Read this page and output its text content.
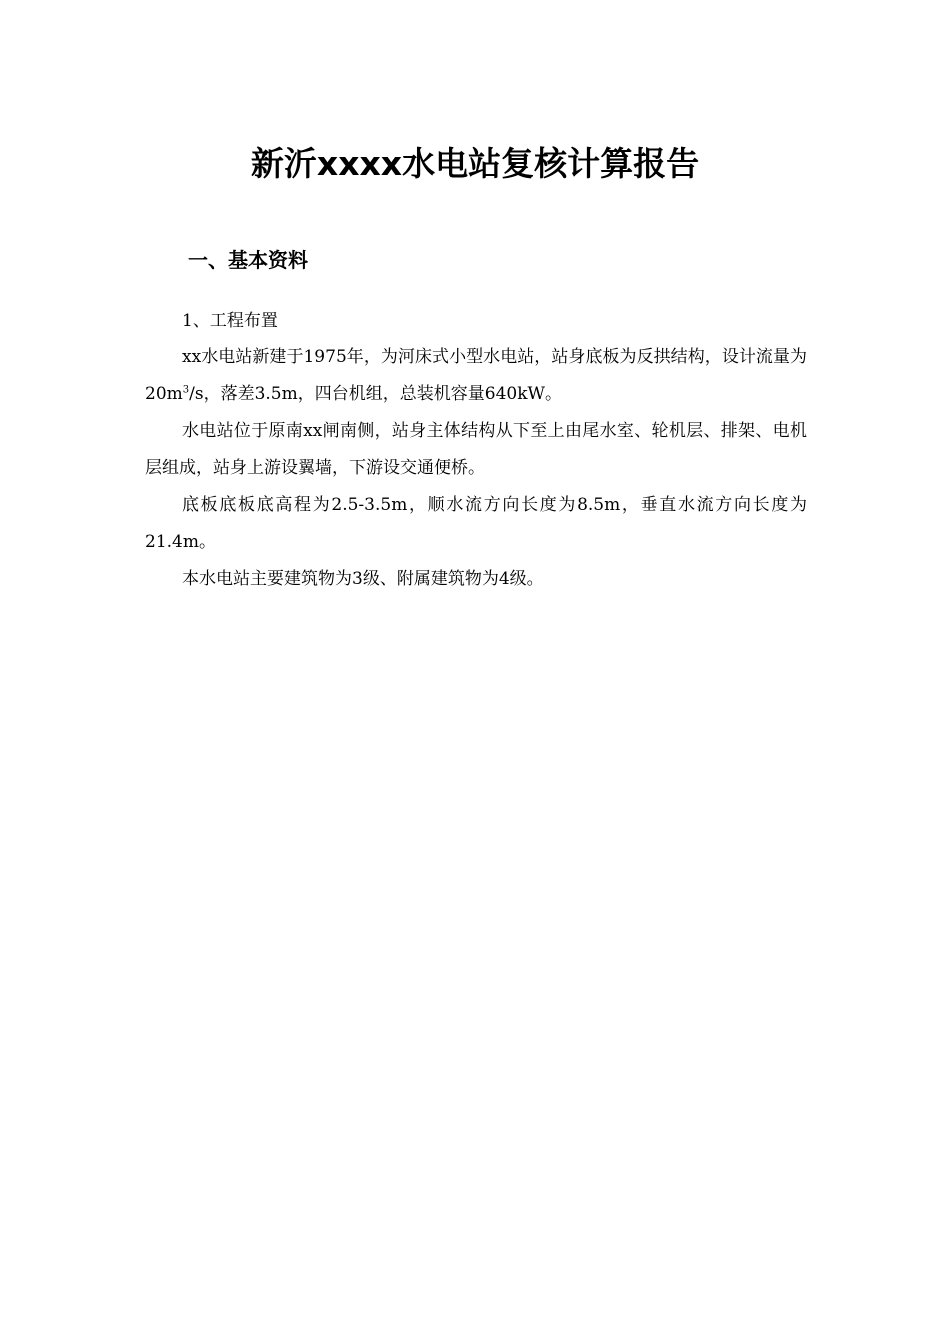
新沂xxxx水电站复核计算报告
一、基本资料

1、工程布置

xx水电站新建于1975年，为河床式小型水电站，站身底板为反拱结构，设计流量为$20m^3/s$，落差3.5m，四台机组，总装机容量640kW。

水电站位于原南xx闸南侧，站身主体结构从下至上由尾水室、轮机层、排架、电机层组成，站身上游设翼墙，下游设交通便桥。

底板底板底高程为2.5-3.5m，顺水流方向长度为8.5m，垂直水流方向长度为21.4m。

本水电站主要建筑物为3级、附属建筑物为4级。
